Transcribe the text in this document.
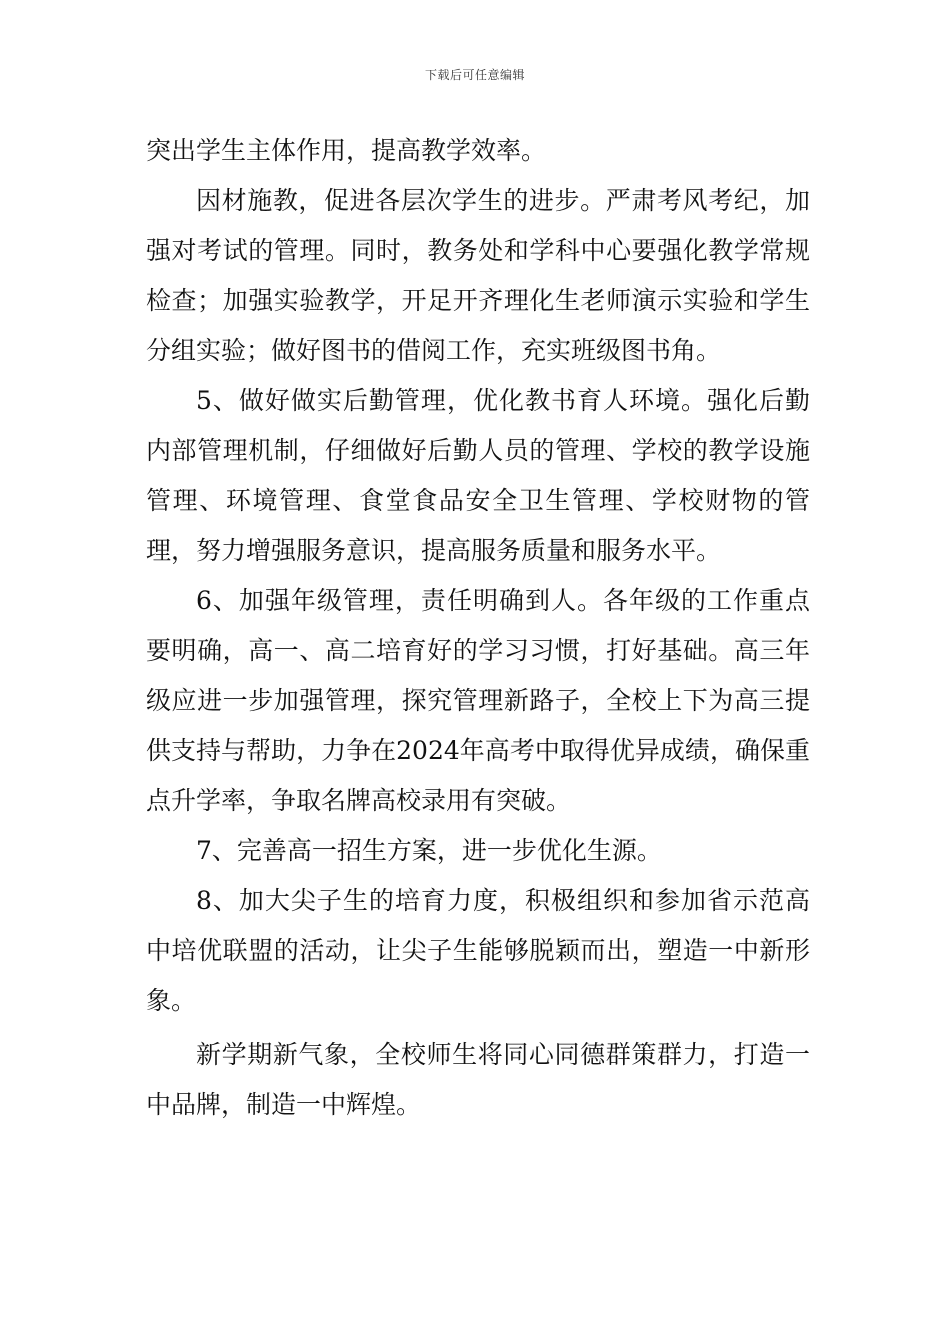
下载后可任意编辑

突出学生主体作用，提高教学效率。

因材施教，促进各层次学生的进步。严肃考风考纪，加强对考试的管理。同时，教务处和学科中心要强化教学常规检查；加强实验教学，开足开齐理化生老师演示实验和学生分组实验；做好图书的借阅工作，充实班级图书角。

5、做好做实后勤管理，优化教书育人环境。强化后勤内部管理机制，仔细做好后勤人员的管理、学校的教学设施管理、环境管理、食堂食品安全卫生管理、学校财物的管理，努力增强服务意识，提高服务质量和服务水平。

6、加强年级管理，责任明确到人。各年级的工作重点要明确，高一、高二培育好的学习习惯，打好基础。高三年级应进一步加强管理，探究管理新路子，全校上下为高三提供支持与帮助，力争在2024年高考中取得优异成绩，确保重点升学率，争取名牌高校录用有突破。

7、完善高一招生方案，进一步优化生源。

8、加大尖子生的培育力度，积极组织和参加省示范高中培优联盟的活动，让尖子生能够脱颖而出，塑造一中新形象。

新学期新气象，全校师生将同心同德群策群力，打造一中品牌，制造一中辉煌。
